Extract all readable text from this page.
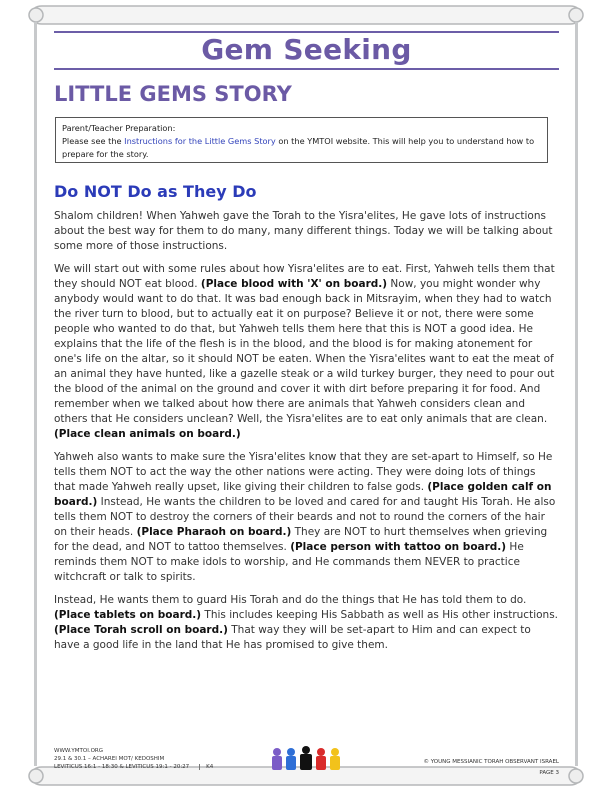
Gem Seeking
LITTLE GEMS STORY
Parent/Teacher Preparation:
Please see the Instructions for the Little Gems Story on the YMTOI website. This will help you to understand how to prepare for the story.
Do NOT Do as They Do

Shalom children! When Yahweh gave the Torah to the Yisra'elites, He gave lots of instructions about the best way for them to do many, many different things. Today we will be talking about some more of those instructions.

We will start out with some rules about how Yisra'elites are to eat. First, Yahweh tells them that they should NOT eat blood. (Place blood with 'X' on board.) Now, you might wonder why anybody would want to do that. It was bad enough back in Mitsrayim, when they had to watch the river turn to blood, but to actually eat it on purpose? Believe it or not, there were some people who wanted to do that, but Yahweh tells them here that this is NOT a good idea. He explains that the life of the flesh is in the blood, and the blood is for making atonement for one's life on the altar, so it should NOT be eaten. When the Yisra'elites want to eat the meat of an animal they have hunted, like a gazelle steak or a wild turkey burger, they need to pour out the blood of the animal on the ground and cover it with dirt before preparing it for food. And remember when we talked about how there are animals that Yahweh considers clean and others that He considers unclean? Well, the Yisra'elites are to eat only animals that are clean. (Place clean animals on board.)

Yahweh also wants to make sure the Yisra'elites know that they are set-apart to Himself, so He tells them NOT to act the way the other nations were acting. They were doing lots of things that made Yahweh really upset, like giving their children to false gods. (Place golden calf on board.) Instead, He wants the children to be loved and cared for and taught His Torah. He also tells them NOT to destroy the corners of their beards and not to round the corners of the hair on their heads. (Place Pharaoh on board.) They are NOT to hurt themselves when grieving for the dead, and NOT to tattoo themselves. (Place person with tattoo on board.) He reminds them NOT to make idols to worship, and He commands them NEVER to practice witchcraft or talk to spirits.

Instead, He wants them to guard His Torah and do the things that He has told them to do. (Place tablets on board.) This includes keeping His Sabbath as well as His other instructions. (Place Torah scroll on board.) That way they will be set-apart to Him and can expect to have a good life in the land that He has promised to give them.

WWW.YMTOI.ORG
29.1 & 30.1 – ACHAREI MOT/ KEDOSHIM
LEVITICUS 16:1 - 18:30 & LEVITICUS 19:1 - 20:27	K4
© YOUNG MESSIANIC TORAH OBSERVANT ISRAEL
PAGE 3
